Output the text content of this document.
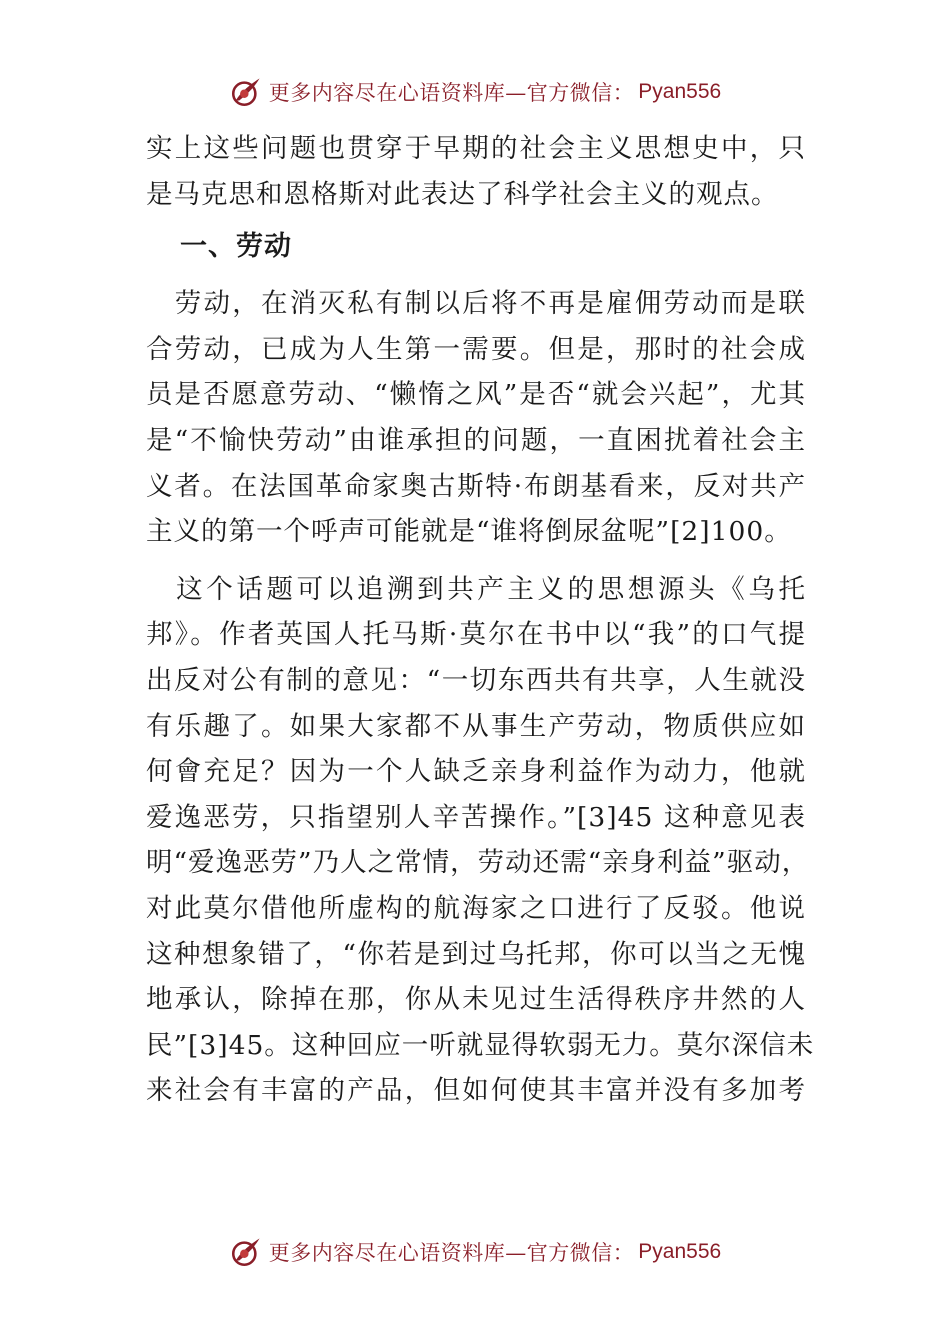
更多内容尽在心语资料库—官方微信： Pyan556
实上这些问题也贯穿于早期的社会主义思想史中，只
是马克思和恩格斯对此表达了科学社会主义的观点。
一、劳动
　劳动，在消灭私有制以后将不再是雇佣劳动而是联
合劳动，已成为人生第一需要。但是，那时的社会成
员是否愿意劳动、“懒惰之风”是否“就会兴起”，尤其
是“不愉快劳动”由谁承担的问题，一直困扰着社会主
义者。在法国革命家奥古斯特·布朗基看来，反对共产
主义的第一个呼声可能就是“谁将倒尿盆呢”[2]100。
　这个话题可以追溯到共产主义的思想源头《乌托
邦》。作者英国人托马斯·莫尔在书中以“我”的口气提
出反对公有制的意见：“一切东西共有共享，人生就没
有乐趣了。如果大家都不从事生产劳动，物质供应如
何會充足？因为一个人缺乏亲身利益作为动力，他就
爱逸恶劳，只指望别人辛苦操作。”[3]45 这种意见表
明“爱逸恶劳”乃人之常情，劳动还需“亲身利益”驱动，
对此莫尔借他所虚构的航海家之口进行了反驳。他说
这种想象错了，“你若是到过乌托邦，你可以当之无愧
地承认，除掉在那，你从未见过生活得秩序井然的人
民”[3]45。这种回应一听就显得软弱无力。莫尔深信未
来社会有丰富的产品，但如何使其丰富并没有多加考
更多内容尽在心语资料库—官方微信： Pyan556
